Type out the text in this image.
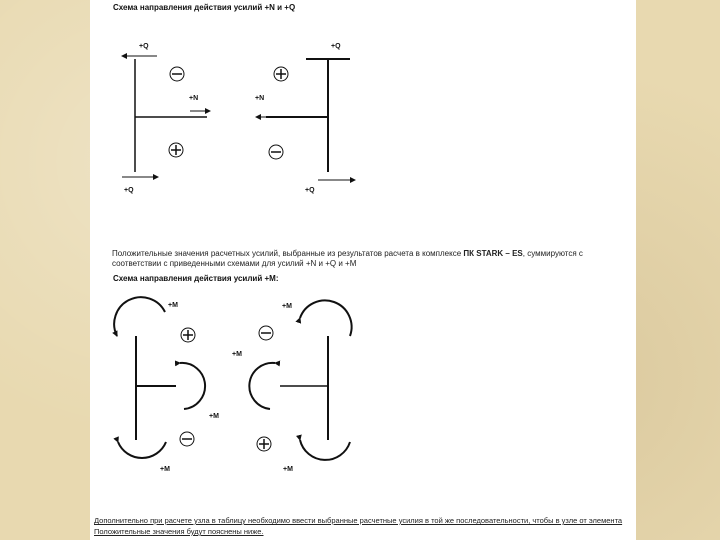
Схема направления действия усилий +N и +Q
+Q	+Q
+N	+N
+Q	+Q
Положительные значения расчетных усилий, выбранные из результатов расчета в комплексе ПК STARK – ES, суммируются с
соответствии с приведенными схемами для усилий +N и +Q и +M
Схема направления действия усилий +M:
+M	+M
+M
+M
+M	+M
Дополнительно при расчете узла в таблицу необходимо ввести выбранные расчетные усилия в той же последовательности, чтобы в узле от элемента
Положительные значения будут пояснены ниже.
